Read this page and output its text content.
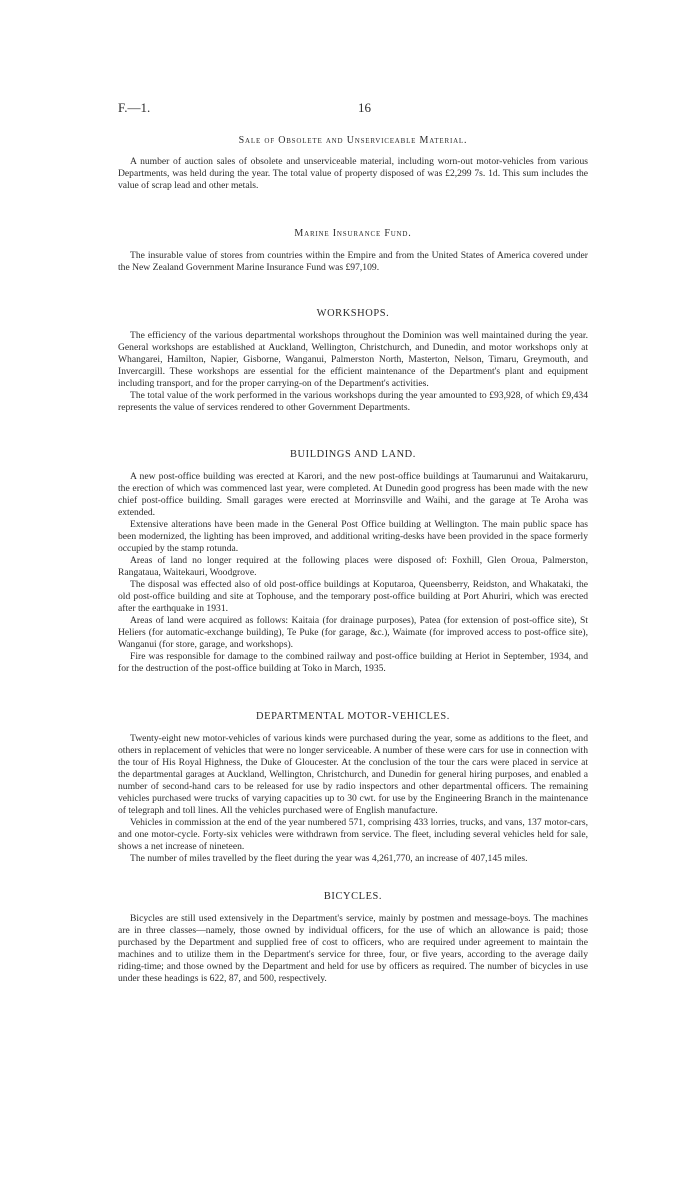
F.—1.	16
Sale of Obsolete and Unserviceable Material.

A number of auction sales of obsolete and unserviceable material, including worn-out motor-vehicles from various Departments, was held during the year. The total value of property disposed of was £2,299 7s. 1d. This sum includes the value of scrap lead and other metals.

Marine Insurance Fund.

The insurable value of stores from countries within the Empire and from the United States of America covered under the New Zealand Government Marine Insurance Fund was £97,109.

WORKSHOPS.

The efficiency of the various departmental workshops throughout the Dominion was well maintained during the year. General workshops are established at Auckland, Wellington, Christchurch, and Dunedin, and motor workshops only at Whangarei, Hamilton, Napier, Gisborne, Wanganui, Palmerston North, Masterton, Nelson, Timaru, Greymouth, and Invercargill. These workshops are essential for the efficient maintenance of the Department's plant and equipment including transport, and for the proper carrying-on of the Department's activities.

The total value of the work performed in the various workshops during the year amounted to £93,928, of which £9,434 represents the value of services rendered to other Government Departments.

BUILDINGS AND LAND.

A new post-office building was erected at Karori, and the new post-office buildings at Taumarunui and Waitakaruru, the erection of which was commenced last year, were completed. At Dunedin good progress has been made with the new chief post-office building. Small garages were erected at Morrinsville and Waihi, and the garage at Te Aroha was extended.

Extensive alterations have been made in the General Post Office building at Wellington. The main public space has been modernized, the lighting has been improved, and additional writing-desks have been provided in the space formerly occupied by the stamp rotunda.

Areas of land no longer required at the following places were disposed of: Foxhill, Glen Oroua, Palmerston, Rangataua, Waitekauri, Woodgrove.

The disposal was effected also of old post-office buildings at Koputaroa, Queensberry, Reidston, and Whakataki, the old post-office building and site at Tophouse, and the temporary post-office building at Port Ahuriri, which was erected after the earthquake in 1931.

Areas of land were acquired as follows: Kaitaia (for drainage purposes), Patea (for extension of post-office site), St Heliers (for automatic-exchange building), Te Puke (for garage, &c.), Waimate (for improved access to post-office site), Wanganui (for store, garage, and workshops).

Fire was responsible for damage to the combined railway and post-office building at Heriot in September, 1934, and for the destruction of the post-office building at Toko in March, 1935.

DEPARTMENTAL MOTOR-VEHICLES.

Twenty-eight new motor-vehicles of various kinds were purchased during the year, some as additions to the fleet, and others in replacement of vehicles that were no longer serviceable. A number of these were cars for use in connection with the tour of His Royal Highness, the Duke of Gloucester. At the conclusion of the tour the cars were placed in service at the departmental garages at Auckland, Wellington, Christchurch, and Dunedin for general hiring purposes, and enabled a number of second-hand cars to be released for use by radio inspectors and other departmental officers. The remaining vehicles purchased were trucks of varying capacities up to 30 cwt. for use by the Engineering Branch in the maintenance of telegraph and toll lines. All the vehicles purchased were of English manufacture.

Vehicles in commission at the end of the year numbered 571, comprising 433 lorries, trucks, and vans, 137 motor-cars, and one motor-cycle. Forty-six vehicles were withdrawn from service. The fleet, including several vehicles held for sale, shows a net increase of nineteen.

The number of miles travelled by the fleet during the year was 4,261,770, an increase of 407,145 miles.

BICYCLES.

Bicycles are still used extensively in the Department's service, mainly by postmen and message-boys. The machines are in three classes—namely, those owned by individual officers, for the use of which an allowance is paid; those purchased by the Department and supplied free of cost to officers, who are required under agreement to maintain the machines and to utilize them in the Department's service for three, four, or five years, according to the average daily riding-time; and those owned by the Department and held for use by officers as required. The number of bicycles in use under these headings is 622, 87, and 500, respectively.
